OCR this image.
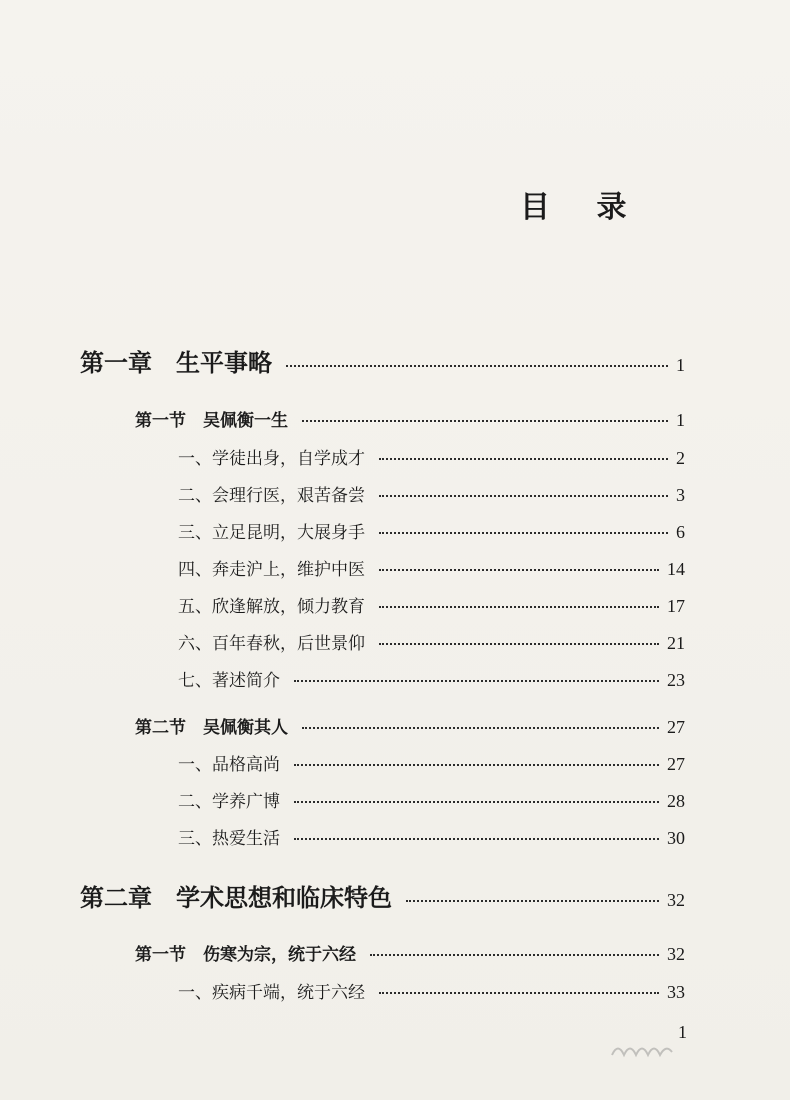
目 录
第一章　生平事略	1
第一节　吴佩衡一生	1
一、学徒出身，自学成才	2
二、会理行医，艰苦备尝	3
三、立足昆明，大展身手	6
四、奔走沪上，维护中医	14
五、欣逢解放，倾力教育	17
六、百年春秋，后世景仰	21
七、著述简介	23
第二节　吴佩衡其人	27
一、品格高尚	27
二、学养广博	28
三、热爱生活	30
第二章　学术思想和临床特色	32
第一节　伤寒为宗，统于六经	32
一、疾病千端，统于六经	33
1
